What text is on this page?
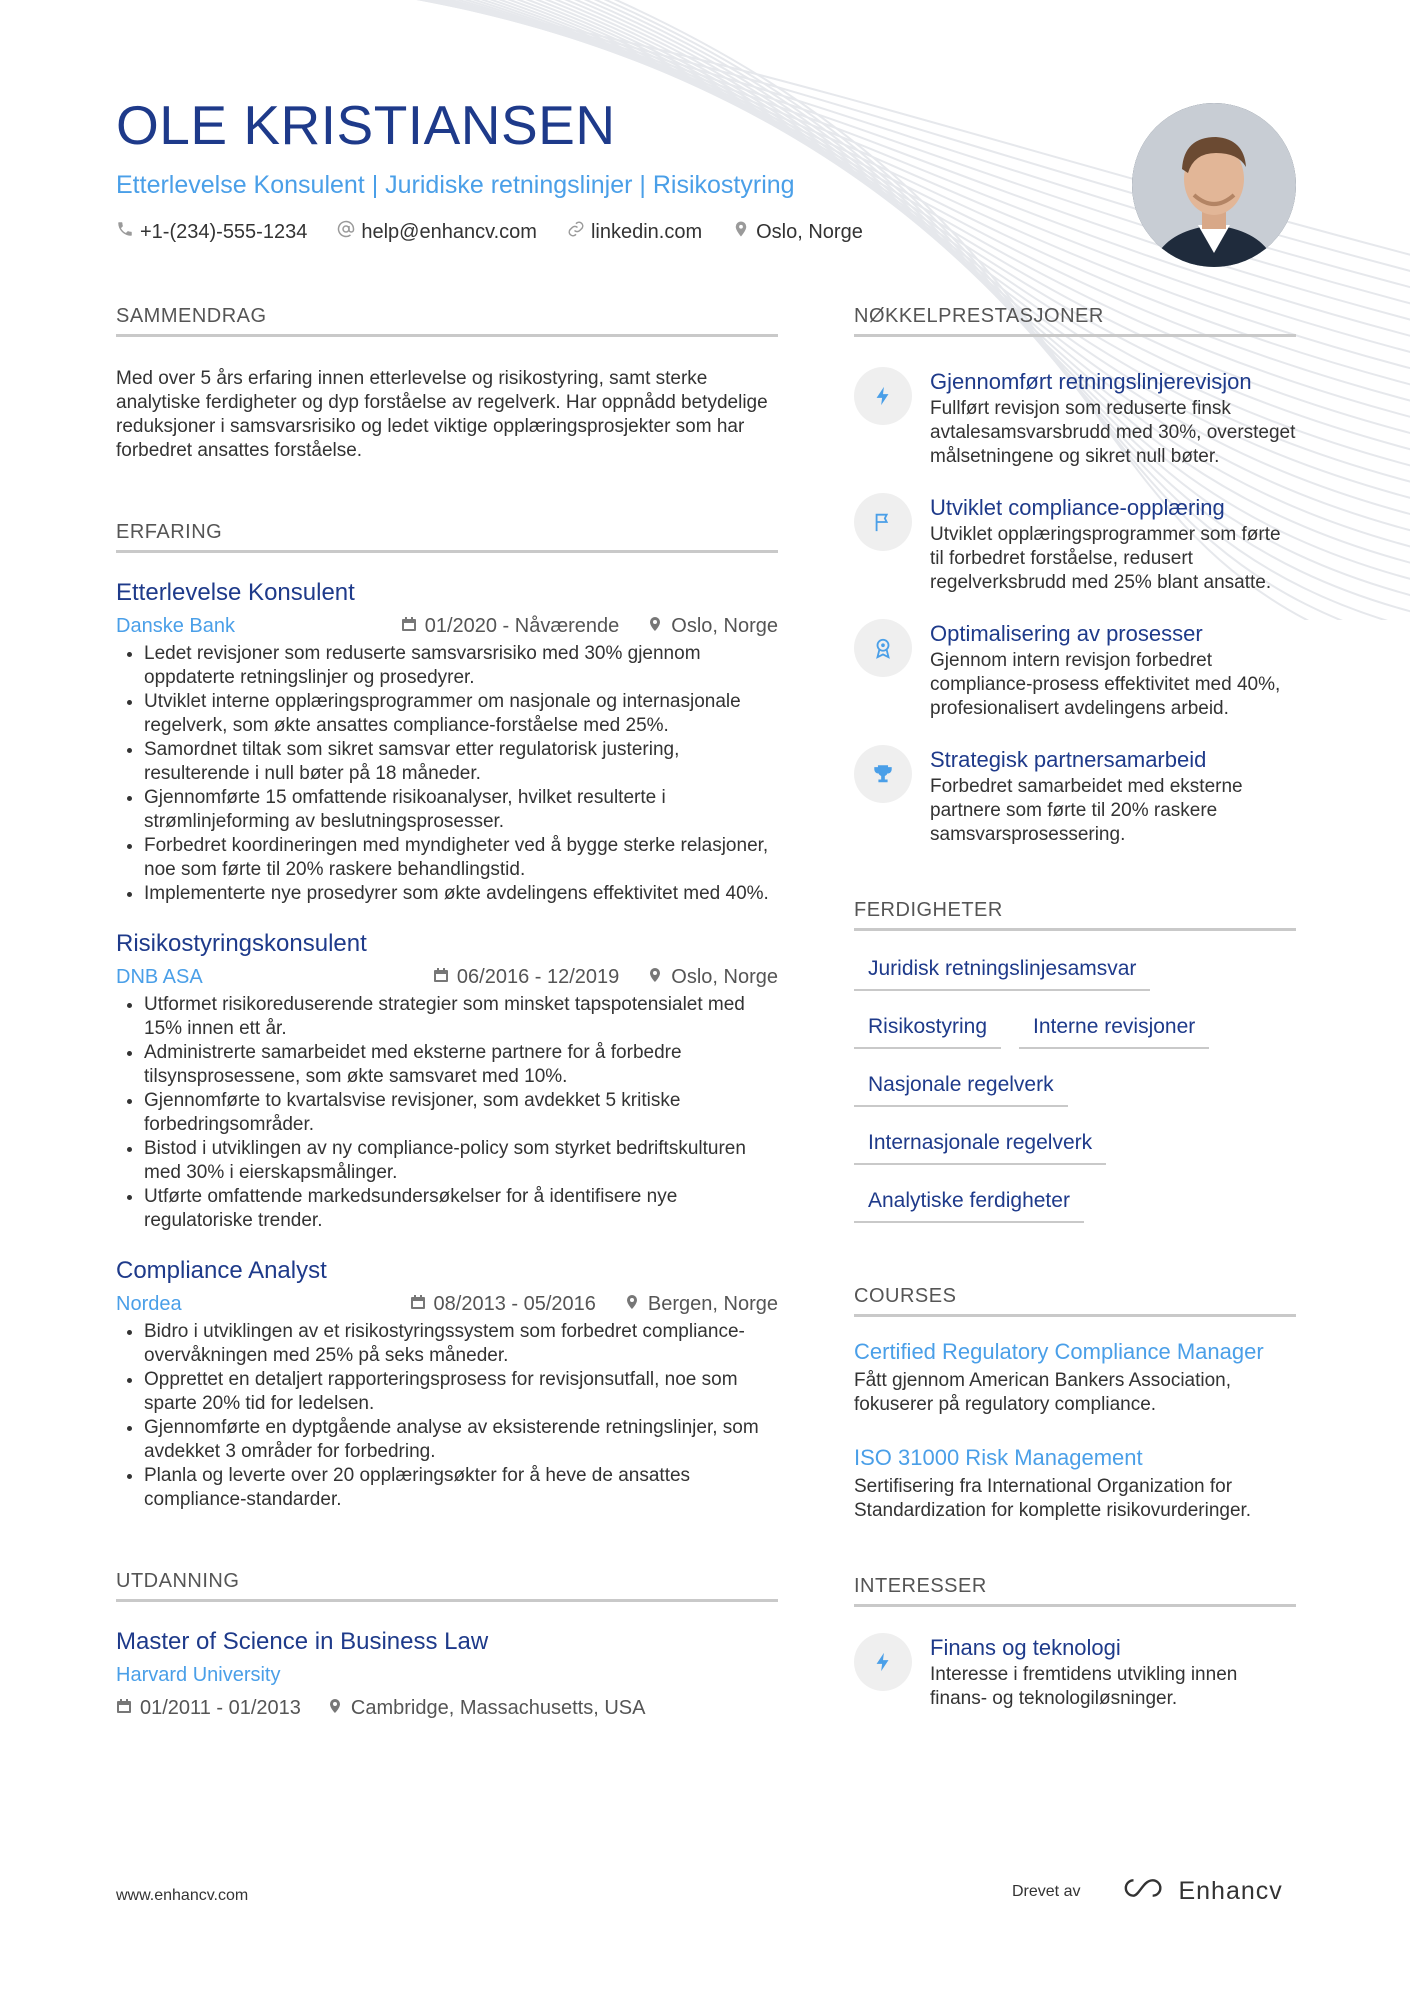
OLE KRISTIANSEN
Etterlevelse Konsulent | Juridiske retningslinjer | Risikostyring
+1-(234)-555-1234	help@enhancv.com	linkedin.com	Oslo, Norge
SAMMENDRAG

Med over 5 års erfaring innen etterlevelse og risikostyring, samt sterke analytiske ferdigheter og dyp forståelse av regelverk. Har oppnådd betydelige reduksjoner i samsvarsrisiko og ledet viktige opplæringsprosjekter som har forbedret ansattes forståelse.

ERFARING
Etterlevelse Konsulent
Danske Bank	01/2020 - Nåværende	Oslo, Norge
• Ledet revisjoner som reduserte samsvarsrisiko med 30% gjennom oppdaterte retningslinjer og prosedyrer.
• Utviklet interne opplæringsprogrammer om nasjonale og internasjonale regelverk, som økte ansattes compliance-forståelse med 25%.
• Samordnet tiltak som sikret samsvar etter regulatorisk justering, resulterende i null bøter på 18 måneder.
• Gjennomførte 15 omfattende risikoanalyser, hvilket resulterte i strømlinjeforming av beslutningsprosesser.
• Forbedret koordineringen med myndigheter ved å bygge sterke relasjoner, noe som førte til 20% raskere behandlingstid.
• Implementerte nye prosedyrer som økte avdelingens effektivitet med 40%.
Risikostyringskonsulent
DNB ASA	06/2016 - 12/2019	Oslo, Norge
• Utformet risikoreduserende strategier som minsket tapspotensialet med 15% innen ett år.
• Administrerte samarbeidet med eksterne partnere for å forbedre tilsynsprosessene, som økte samsvaret med 10%.
• Gjennomførte to kvartalsvise revisjoner, som avdekket 5 kritiske forbedringsområder.
• Bistod i utviklingen av ny compliance-policy som styrket bedriftskulturen med 30% i eierskapsmålinger.
• Utførte omfattende markedsundersøkelser for å identifisere nye regulatoriske trender.
Compliance Analyst
Nordea	08/2013 - 05/2016	Bergen, Norge
• Bidro i utviklingen av et risikostyringssystem som forbedret compliance-overvåkningen med 25% på seks måneder.
• Opprettet en detaljert rapporteringsprosess for revisjonsutfall, noe som sparte 20% tid for ledelsen.
• Gjennomførte en dyptgående analyse av eksisterende retningslinjer, som avdekket 3 områder for forbedring.
• Planla og leverte over 20 opplæringsøkter for å heve de ansattes compliance-standarder.
UTDANNING
Master of Science in Business Law
Harvard University
01/2011 - 01/2013	Cambridge, Massachusetts, USA
NØKKELPRESTASJONER
Gjennomført retningslinjerevisjon
Fullført revisjon som reduserte finsk avtalesamsvarsbrudd med 30%, oversteget målsetningene og sikret null bøter.
Utviklet compliance-opplæring
Utviklet opplæringsprogrammer som førte til forbedret forståelse, redusert regelverksbrudd med 25% blant ansatte.
Optimalisering av prosesser
Gjennom intern revisjon forbedret compliance-prosess effektivitet med 40%, profesionalisert avdelingens arbeid.
Strategisk partnersamarbeid
Forbedret samarbeidet med eksterne partnere som førte til 20% raskere samsvarsprosessering.
FERDIGHETER
Juridisk retningslinjesamsvar
Risikostyring	Interne revisjoner
Nasjonale regelverk
Internasjonale regelverk
Analytiske ferdigheter
COURSES
Certified Regulatory Compliance Manager
Fått gjennom American Bankers Association, fokuserer på regulatory compliance.
ISO 31000 Risk Management
Sertifisering fra International Organization for Standardization for komplette risikovurderinger.
INTERESSER
Finans og teknologi
Interesse i fremtidens utvikling innen finans- og teknologiløsninger.
www.enhancv.com	Drevet av	Enhancv
